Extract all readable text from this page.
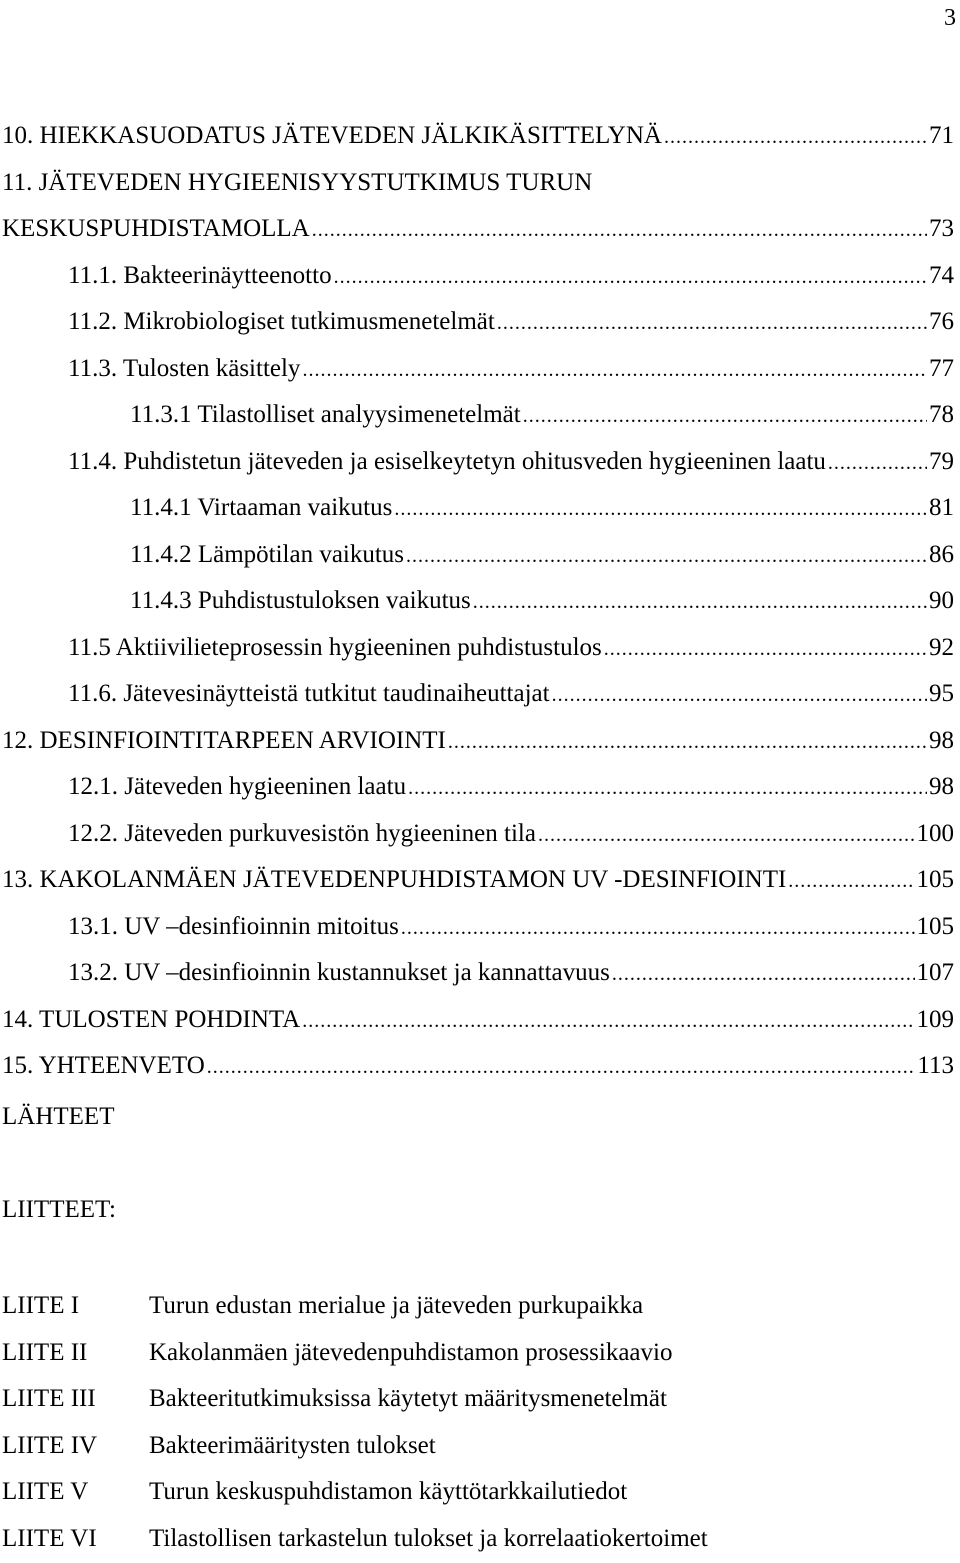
3
10. HIEKKASUODATUS JÄTEVEDEN JÄLKIKÄSITTELYNÄ .....	71
11. JÄTEVEDEN HYGIEENISYYSTUTKIMUS TURUN
KESKUSPUHDISTAMOLLA .....	73
11.1. Bakteerinäytteenotto .....	74
11.2. Mikrobiologiset tutkimusmenetelmät .....	76
11.3. Tulosten käsittely .....	77
11.3.1 Tilastolliset analyysimenetelmät .....	78
11.4. Puhdistetun jäteveden ja esiselkeytetyn ohitusveden hygieeninen laatu .....	79
11.4.1 Virtaaman vaikutus .....	81
11.4.2 Lämpötilan vaikutus .....	86
11.4.3 Puhdistustuloksen vaikutus .....	90
11.5 Aktiivilieteprosessin hygieeninen puhdistustulos .....	92
11.6. Jätevesinäytteistä tutkitut taudinaiheuttajat .....	95
12. DESINFIOINTITARPEEN ARVIOINTI .....	98
12.1. Jäteveden hygieeninen laatu .....	98
12.2. Jäteveden purkuvesistön hygieeninen tila .....	100
13. KAKOLANMÄEN JÄTEVEDENPUHDISTAMON UV -DESINFIOINTI .....	105
13.1. UV –desinfioinnin mitoitus .....	105
13.2. UV –desinfioinnin kustannukset ja kannattavuus .....	107
14. TULOSTEN POHDINTA .....	109
15. YHTEENVETO .....	113
LÄHTEET
LIITTEET:
LIITE I	Turun edustan merialue ja jäteveden purkupaikka
LIITE II	Kakolanmäen jätevedenpuhdistamon prosessikaavio
LIITE III	Bakteeritutkimuksissa käytetyt määritysmenetelmät
LIITE IV	Bakteerimääritysten tulokset
LIITE V	Turun keskuspuhdistamon käyttötarkkailutiedot
LIITE VI	Tilastollisen tarkastelun tulokset ja korrelaatiokertoimet
